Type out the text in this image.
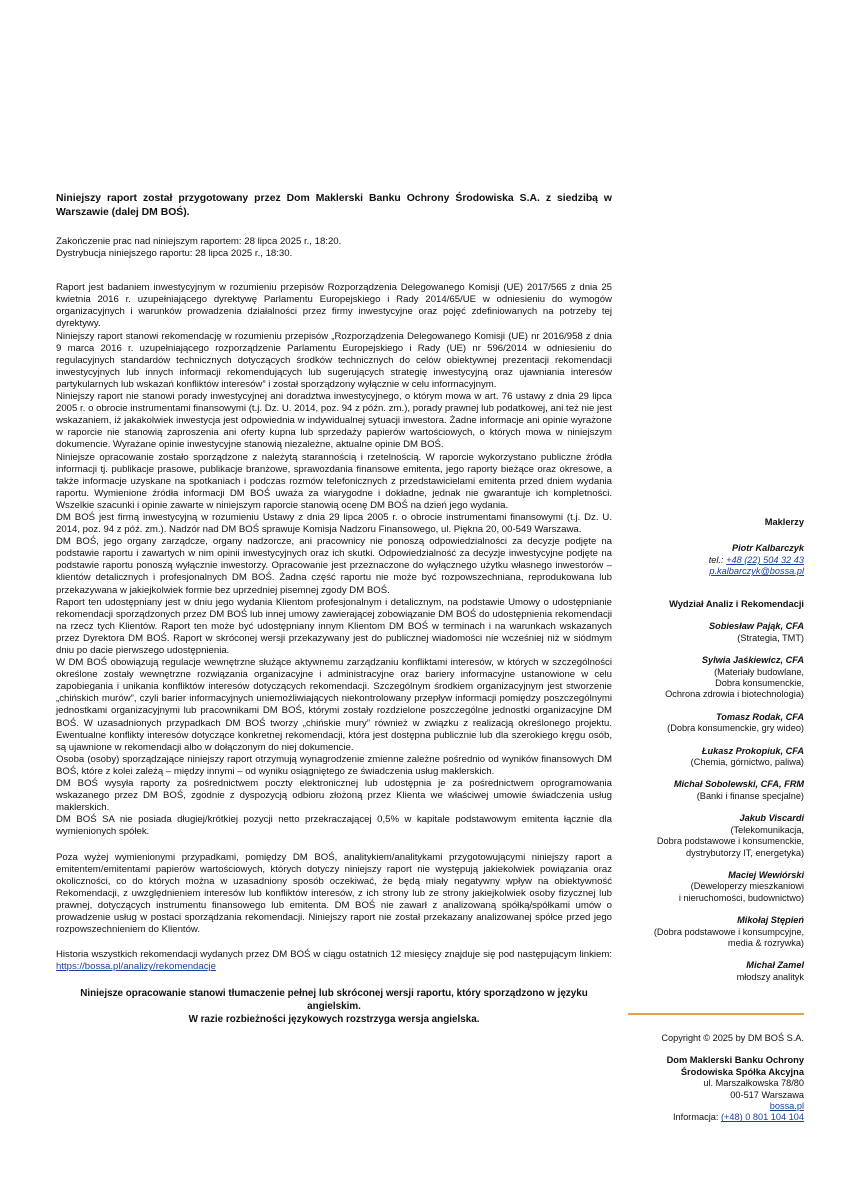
Niniejszy raport został przygotowany przez Dom Maklerski Banku Ochrony Środowiska S.A. z siedzibą w Warszawie (dalej DM BOŚ).
Zakończenie prac nad niniejszym raportem: 28 lipca 2025 r., 18:20.
Dystrybucja niniejszego raportu: 28 lipca 2025 r., 18:30.

Raport jest badaniem inwestycyjnym w rozumieniu przepisów Rozporządzenia Delegowanego Komisji (UE) 2017/565 z dnia 25 kwietnia 2016 r. uzupełniającego dyrektywę Parlamentu Europejskiego i Rady 2014/65/UE w odniesieniu do wymogów organizacyjnych i warunków prowadzenia działalności przez firmy inwestycyjne oraz pojęć zdefiniowanych na potrzeby tej dyrektywy.

Niniejszy raport stanowi rekomendację w rozumieniu przepisów „Rozporządzenia Delegowanego Komisji (UE) nr 2016/958 z dnia 9 marca 2016 r. uzupełniającego rozporządzenie Parlamentu Europejskiego i Rady (UE) nr 596/2014 w odniesieniu do regulacyjnych standardów technicznych dotyczących środków technicznych do celów obiektywnej prezentacji rekomendacji inwestycyjnych lub innych informacji rekomendujących lub sugerujących strategię inwestycyjną oraz ujawniania interesów partykularnych lub wskazań konfliktów interesów” i został sporządzony wyłącznie w celu informacyjnym.

Niniejszy raport nie stanowi porady inwestycyjnej ani doradztwa inwestycyjnego, o którym mowa w art. 76 ustawy z dnia 29 lipca 2005 r. o obrocie instrumentami finansowymi (t.j. Dz. U. 2014, poz. 94 z późn. zm.), porady prawnej lub podatkowej, ani też nie jest wskazaniem, iż jakakolwiek inwestycja jest odpowiednia w indywidualnej sytuacji inwestora. Żadne informacje ani opinie wyrażone w raporcie nie stanowią zaproszenia ani oferty kupna lub sprzedaży papierów wartościowych, o których mowa w niniejszym dokumencie. Wyrażane opinie inwestycyjne stanowią niezależne, aktualne opinie DM BOŚ.

Niniejsze opracowanie zostało sporządzone z należytą starannością i rzetelnością. W raporcie wykorzystano publiczne źródła informacji tj. publikacje prasowe, publikacje branżowe, sprawozdania finansowe emitenta, jego raporty bieżące oraz okresowe, a także informacje uzyskane na spotkaniach i podczas rozmów telefonicznych z przedstawicielami emitenta przed dniem wydania raportu. Wymienione źródła informacji DM BOŚ uważa za wiarygodne i dokładne, jednak nie gwarantuje ich kompletności. Wszelkie szacunki i opinie zawarte w niniejszym raporcie stanowią ocenę DM BOŚ na dzień jego wydania.

DM BOŚ jest firmą inwestycyjną w rozumieniu Ustawy z dnia 29 lipca 2005 r. o obrocie instrumentami finansowymi (t.j. Dz. U. 2014, poz. 94 z póź. zm.). Nadzór nad DM BOŚ sprawuje Komisja Nadzoru Finansowego, ul. Piękna 20, 00-549 Warszawa.

DM BOŚ, jego organy zarządcze, organy nadzorcze, ani pracownicy nie ponoszą odpowiedzialności za decyzje podjęte na podstawie raportu i zawartych w nim opinii inwestycyjnych oraz ich skutki. Odpowiedzialność za decyzje inwestycyjne podjęte na podstawie raportu ponoszą wyłącznie inwestorzy. Opracowanie jest przeznaczone do wyłącznego użytku własnego inwestorów – klientów detalicznych i profesjonalnych DM BOŚ. Żadna część raportu nie może być rozpowszechniana, reprodukowana lub przekazywana w jakiejkolwiek formie bez uprzedniej pisemnej zgody DM BOŚ.

Raport ten udostępniany jest w dniu jego wydania Klientom profesjonalnym i detalicznym, na podstawie Umowy o udostępnianie rekomendacji sporządzonych przez DM BOŚ lub innej umowy zawierającej zobowiązanie DM BOŚ do udostępnienia rekomendacji na rzecz tych Klientów. Raport ten może być udostępniany innym Klientom DM BOŚ w terminach i na warunkach wskazanych przez Dyrektora DM BOŚ. Raport w skróconej wersji przekazywany jest do publicznej wiadomości nie wcześniej niż w siódmym dniu po dacie pierwszego udostępnienia.

W DM BOŚ obowiązują regulacje wewnętrzne służące aktywnemu zarządzaniu konfliktami interesów, w których w szczególności określone zostały wewnętrzne rozwiązania organizacyjne i administracyjne oraz bariery informacyjne ustanowione w celu zapobiegania i unikania konfliktów interesów dotyczących rekomendacji. Szczególnym środkiem organizacyjnym jest stworzenie „chińskich murów”, czyli barier informacyjnych uniemożliwiających niekontrolowany przepływ informacji pomiędzy poszczególnymi jednostkami organizacyjnymi lub pracownikami DM BOŚ, którymi zostały rozdzielone poszczególne jednostki organizacyjne DM BOŚ. W uzasadnionych przypadkach DM BOŚ tworzy „chińskie mury” również w związku z realizacją określonego projektu. Ewentualne konflikty interesów dotyczące konkretnej rekomendacji, która jest dostępna publicznie lub dla szerokiego kręgu osób, są ujawnione w rekomendacji albo w dołączonym do niej dokumencie.

Osoba (osoby) sporządzające niniejszy raport otrzymują wynagrodzenie zmienne zależne pośrednio od wyników finansowych DM BOŚ, które z kolei zależą – między innymi – od wyniku osiągniętego ze świadczenia usług maklerskich.

DM BOŚ wysyła raporty za pośrednictwem poczty elektronicznej lub udostępnia je za pośrednictwem oprogramowania wskazanego przez DM BOŚ, zgodnie z dyspozycją odbioru złożoną przez Klienta we właściwej umowie świadczenia usług maklerskich.

DM BOŚ SA nie posiada długiej/krótkiej pozycji netto przekraczającej 0,5% w kapitale podstawowym emitenta łącznie dla wymienionych spółek.

Poza wyżej wymienionymi przypadkami, pomiędzy DM BOŚ, analitykiem/analitykami przygotowującymi niniejszy raport a emitentem/emitentami papierów wartościowych, których dotyczy niniejszy raport nie występują jakiekolwiek powiązania oraz okoliczności, co do których można w uzasadniony sposób oczekiwać, że będą miały negatywny wpływ na obiektywność Rekomendacji, z uwzględnieniem interesów lub konfliktów interesów, z ich strony lub ze strony jakiejkolwiek osoby fizycznej lub prawnej, dotyczących instrumentu finansowego lub emitenta. DM BOŚ nie zawarł z analizowaną spółką/spółkami umów o prowadzenie usług w postaci sporządzania rekomendacji. Niniejszy raport nie został przekazany analizowanej spółce przed jego rozpowszechnieniem do Klientów.

Historia wszystkich rekomendacji wydanych przez DM BOŚ w ciągu ostatnich 12 miesięcy znajduje się pod następującym linkiem: https://bossa.pl/analizy/rekomendacje

Niniejsze opracowanie stanowi tłumaczenie pełnej lub skróconej wersji raportu, który sporządzono w języku angielskim.
W razie rozbieżności językowych rozstrzyga wersja angielska.
Maklerzy
Piotr Kalbarczyk
tel.: +48 (22) 504 32 43
p.kalbarczyk@bossa.pl
Wydział Analiz i Rekomendacji
Sobiesław Pająk, CFA
(Strategia, TMT)
Sylwia Jaśkiewicz, CFA
(Materiały budowlane,
Dobra konsumenckie,
Ochrona zdrowia i biotechnologia)
Tomasz Rodak, CFA
(Dobra konsumenckie, gry wideo)
Łukasz Prokopiuk, CFA
(Chemia, górnictwo, paliwa)
Michał Sobolewski, CFA, FRM
(Banki i finanse specjalne)
Jakub Viscardi
(Telekomunikacja,
Dobra podstawowe i konsumenckie,
dystrybutorzy IT, energetyka)
Maciej Wewiórski
(Deweloperzy mieszkaniowi
i nieruchomości, budownictwo)
Mikołaj Stępień
(Dobra podstawowe i konsumpcyjne,
media & rozrywka)
Michał Zamel
młodszy analityk
Copyright © 2025 by DM BOŚ S.A.
Dom Maklerski Banku Ochrony
Środowiska Spółka Akcyjna
ul. Marszałkowska 78/80
00-517 Warszawa
bossa.pl
Informacja: (+48) 0 801 104 104
